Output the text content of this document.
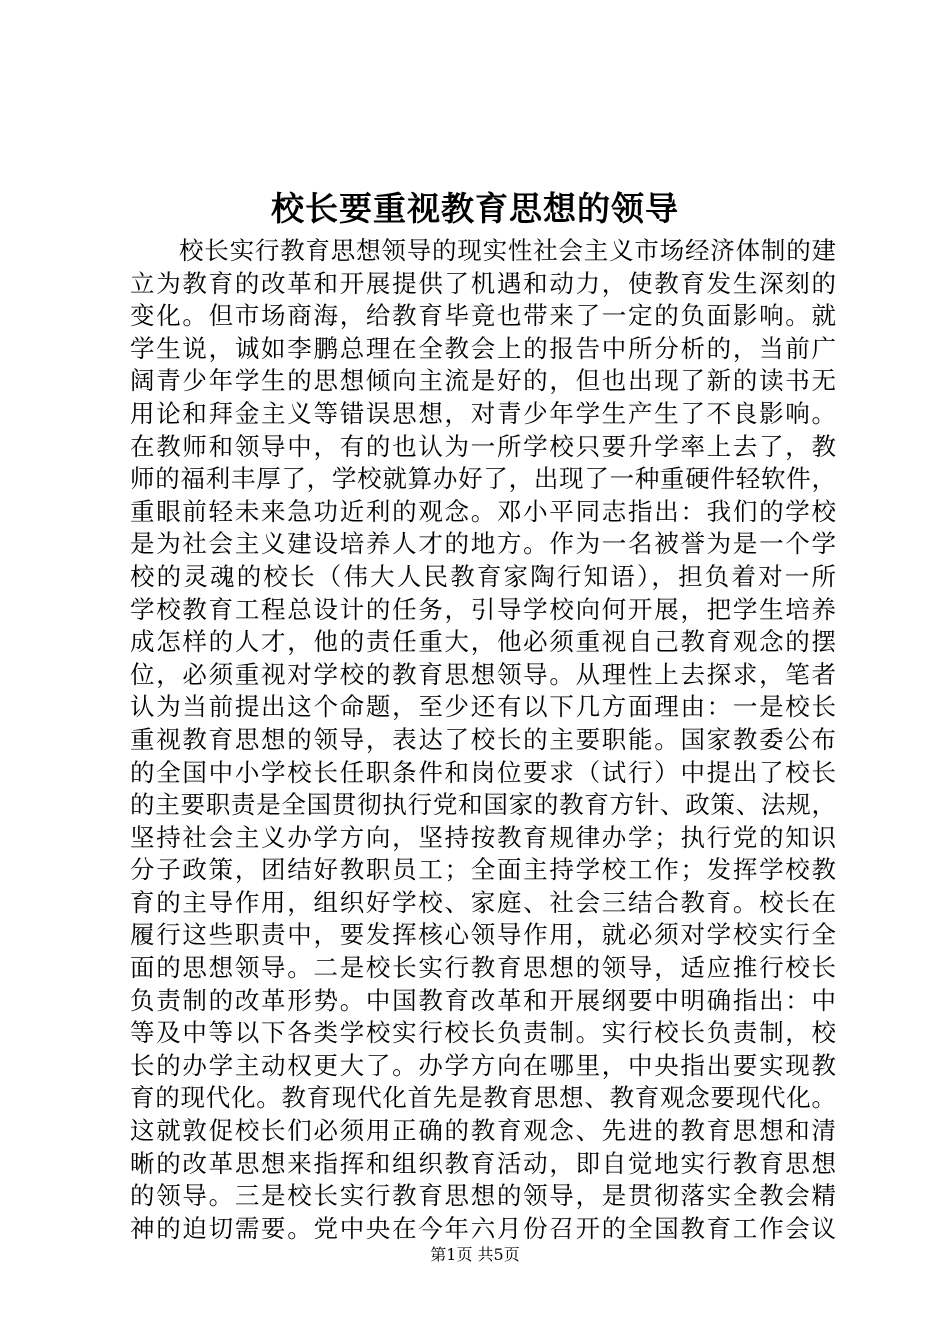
校长要重视教育思想的领导
校长实行教育思想领导的现实性社会主义市场经济体制的建
立为教育的改革和开展提供了机遇和动力，使教育发生深刻的
变化。但市场商海，给教育毕竟也带来了一定的负面影响。就
学生说，诚如李鹏总理在全教会上的报告中所分析的，当前广
阔青少年学生的思想倾向主流是好的，但也出现了新的读书无
用论和拜金主义等错误思想，对青少年学生产生了不良影响。
在教师和领导中，有的也认为一所学校只要升学率上去了，教
师的福利丰厚了，学校就算办好了，出现了一种重硬件轻软件，
重眼前轻未来急功近利的观念。邓小平同志指出：我们的学校
是为社会主义建设培养人才的地方。作为一名被誉为是一个学
校的灵魂的校长（伟大人民教育家陶行知语），担负着对一所
学校教育工程总设计的任务，引导学校向何开展，把学生培养
成怎样的人才，他的责任重大，他必须重视自己教育观念的摆
位，必须重视对学校的教育思想领导。从理性上去探求，笔者
认为当前提出这个命题，至少还有以下几方面理由：一是校长
重视教育思想的领导，表达了校长的主要职能。国家教委公布
的全国中小学校长任职条件和岗位要求（试行）中提出了校长
的主要职责是全国贯彻执行党和国家的教育方针、政策、法规，
坚持社会主义办学方向，坚持按教育规律办学；执行党的知识
分子政策，团结好教职员工；全面主持学校工作；发挥学校教
育的主导作用，组织好学校、家庭、社会三结合教育。校长在
履行这些职责中，要发挥核心领导作用，就必须对学校实行全
面的思想领导。二是校长实行教育思想的领导，适应推行校长
负责制的改革形势。中国教育改革和开展纲要中明确指出：中
等及中等以下各类学校实行校长负责制。实行校长负责制，校
长的办学主动权更大了。办学方向在哪里，中央指出要实现教
育的现代化。教育现代化首先是教育思想、教育观念要现代化。
这就敦促校长们必须用正确的教育观念、先进的教育思想和清
晰的改革思想来指挥和组织教育活动，即自觉地实行教育思想
的领导。三是校长实行教育思想的领导，是贯彻落实全教会精
神的迫切需要。党中央在今年六月份召开的全国教育工作会议
第1页 共5页
